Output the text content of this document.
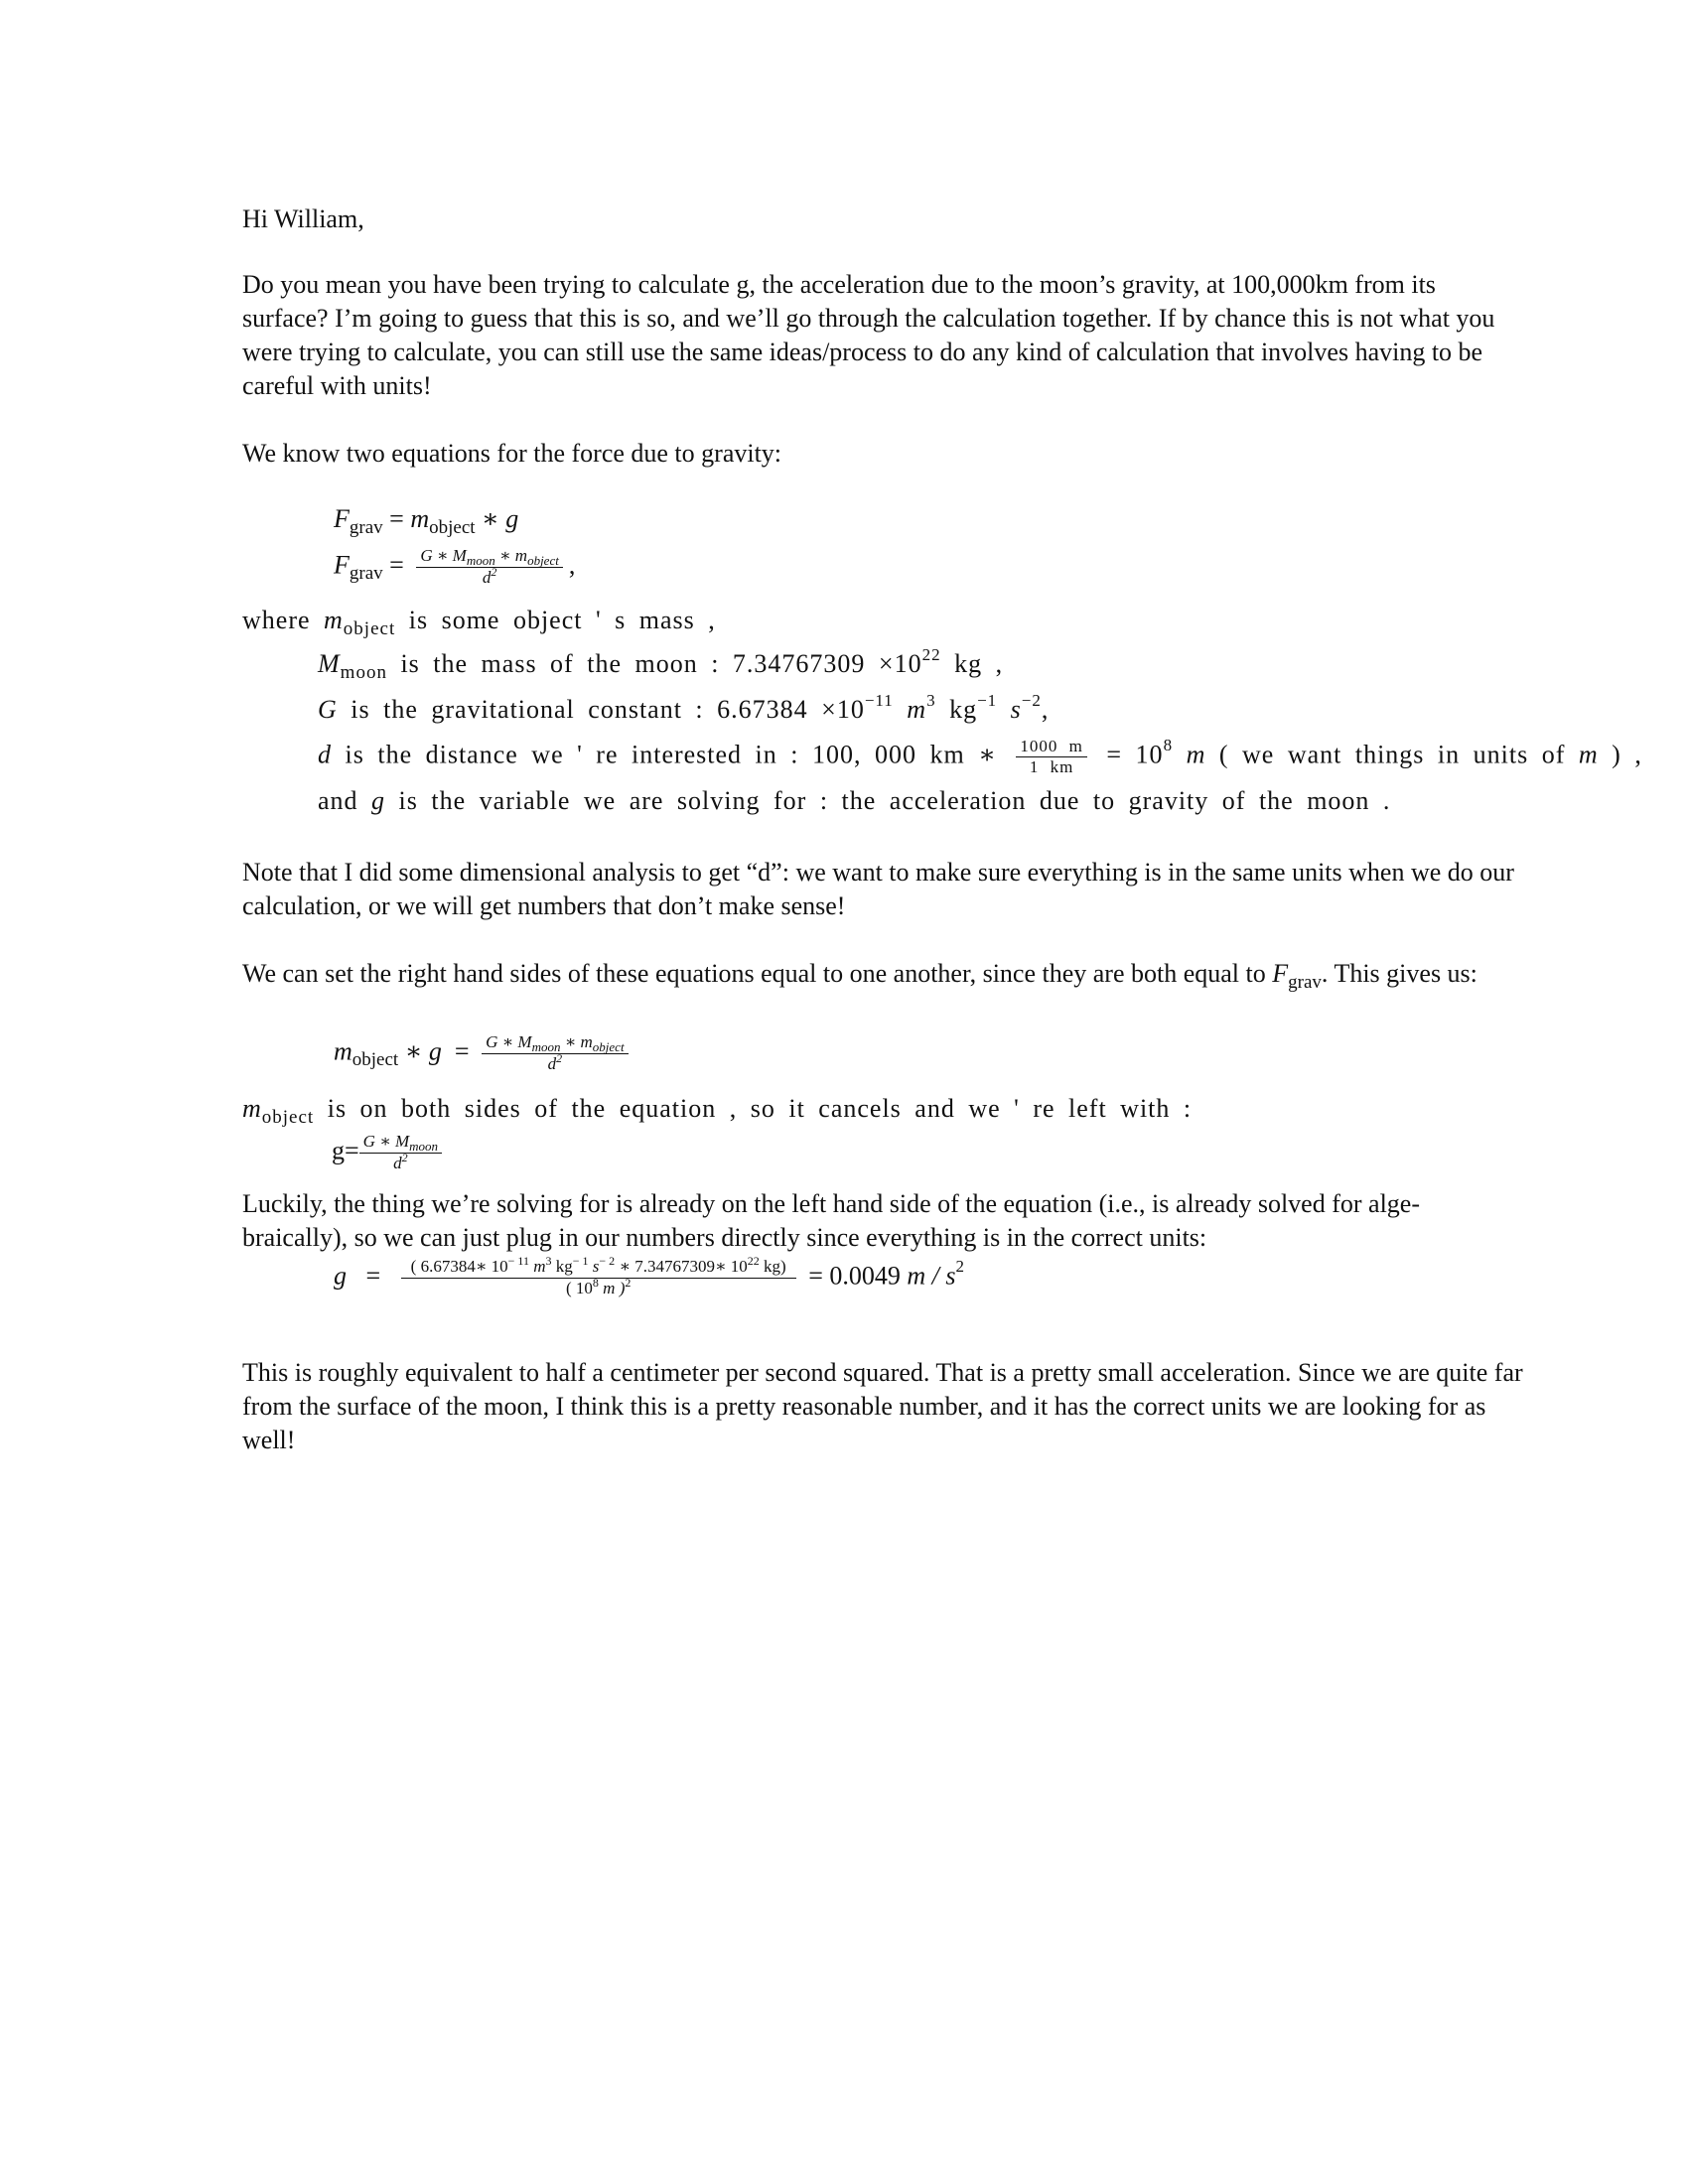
Hi William,
Do you mean you have been trying to calculate g, the acceleration due to the moon’s gravity, at 100,000km from its surface? I’m going to guess that this is so, and we’ll go through the calculation together. If by chance this is not what you were trying to calculate, you can still use the same ideas/process to do any kind of calculation that involves having to be careful with units!
We know two equations for the force due to gravity:
$F_{grav} = m_{object}$ ∗ g
$F_{grav} = \frac{G ∗ M_{moon} ∗ m_{object}}{d^2}$ ,
where $m_{object}$ is some object ' s mass ,
$M_{moon}$ is the mass of the moon : $7.34767309 \times 10^{22}$ kg ,
G is the gravitational constant : $6.67384 \times 10^{-11}$ $m^3$ $kg^{-1}$ $s^{-2}$,
d is the distance we ' re interested in : 100, 000 km ∗ $\frac{1000 m}{1 km} = 10^8$ m ( we want things in units of m ) ,
and g is the variable we are solving for : the acceleration due to gravity of the moon .
Note that I did some dimensional analysis to get “d”: we want to make sure everything is in the same units when we do our calculation, or we will get numbers that don’t make sense!
We can set the right hand sides of these equations equal to one another, since they are both equal to $F_{grav}$. This gives us:
$m_{object}$ ∗ $g = \frac{G ∗ M_{moon} ∗ m_{object}}{d^2}$
$m_{object}$ is on both sides of the equation , so it cancels and we ' re left with :
$g= \frac{G ∗ M_{moon}}{d^2}$
Luckily, the thing we’re solving for is already on the left hand side of the equation (i.e., is already solved for alge- braically), so we can just plug in our numbers directly since everything is in the correct units:
$g = \frac{( 6.67384∗ 10^{- 11} m^3 kg^{- 1} s^{- 2} ∗ 7.34767309∗ 10^{22} kg)}{( 10^8 m )^2} = 0.0049$ m / $s^2$
This is roughly equivalent to half a centimeter per second squared. That is a pretty small acceleration. Since we are quite far from the surface of the moon, I think this is a pretty reasonable number, and it has the correct units we are looking for as well!
